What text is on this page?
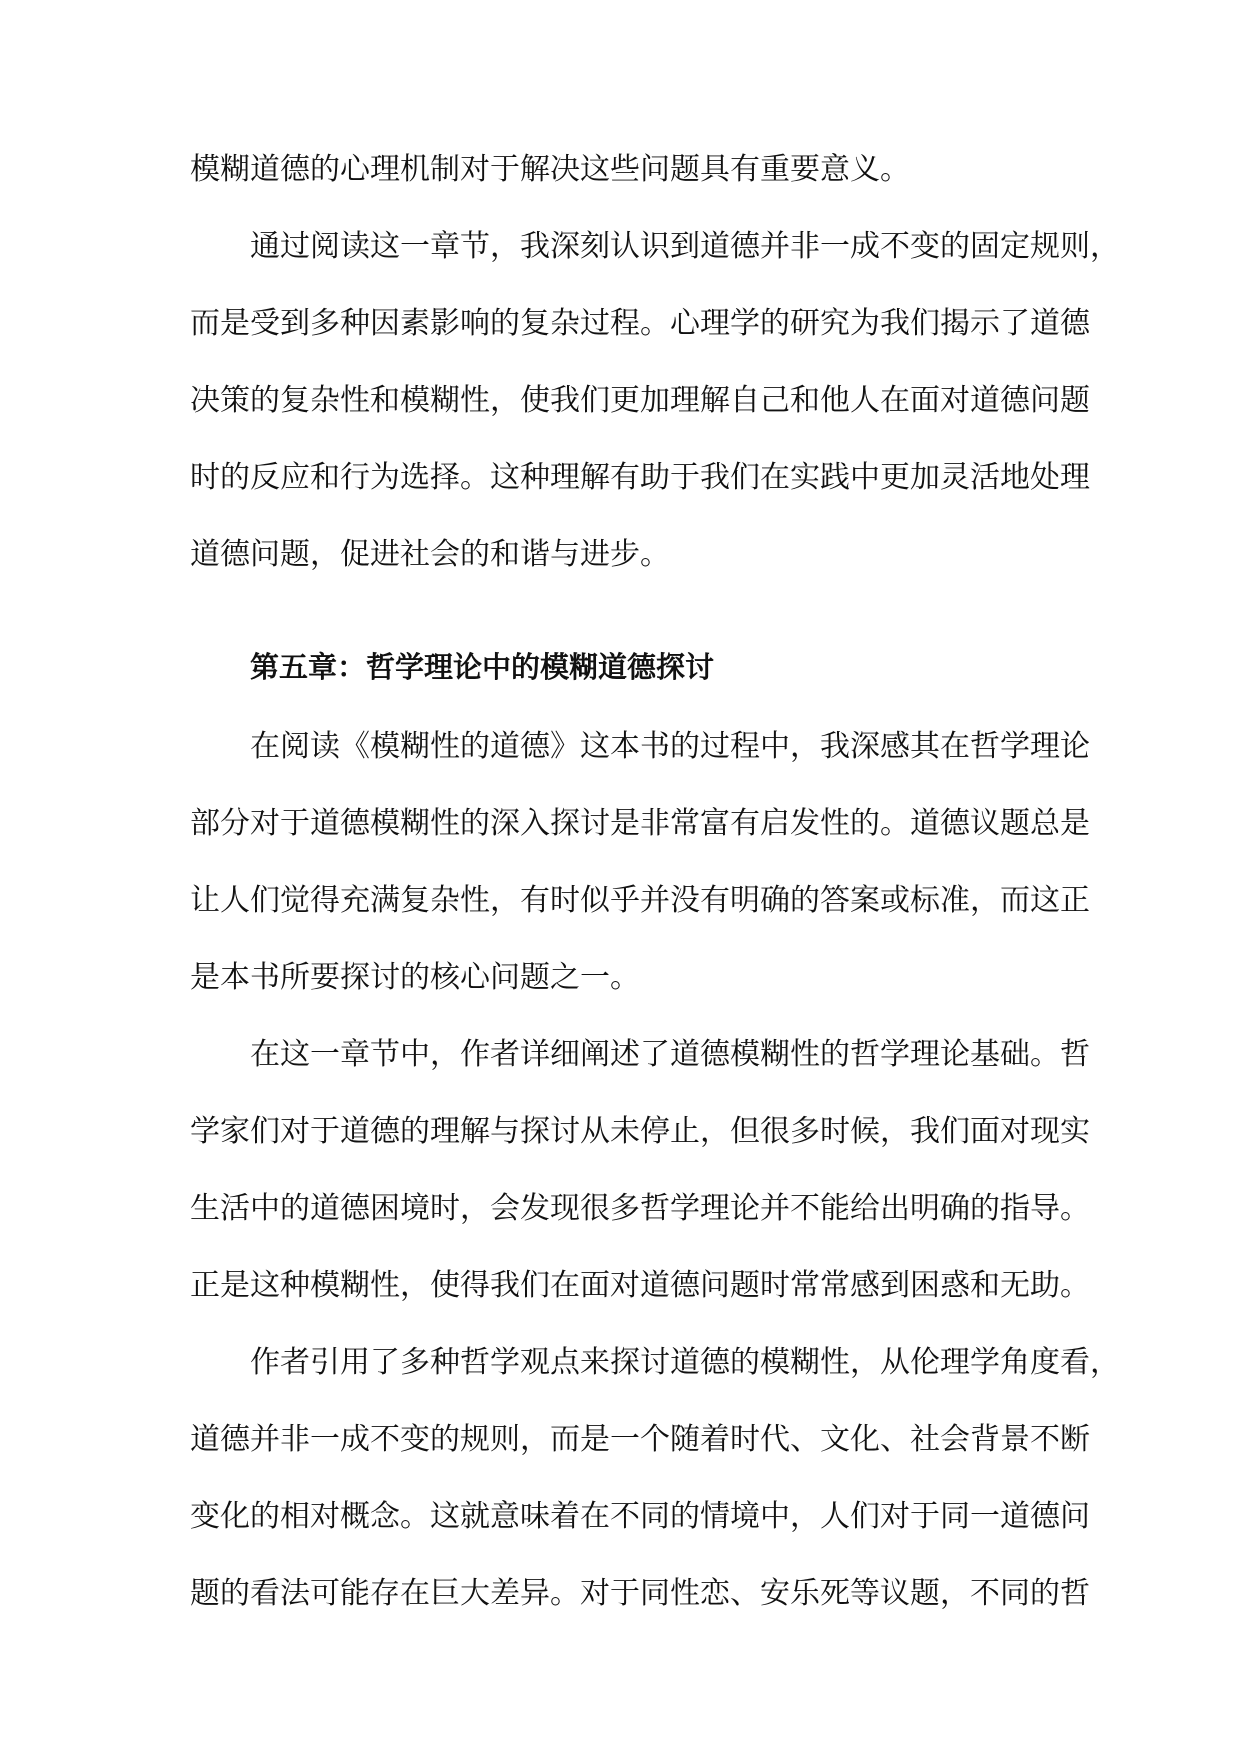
模糊道德的心理机制对于解决这些问题具有重要意义。
通过阅读这一章节，我深刻认识到道德并非一成不变的固定规则，
而是受到多种因素影响的复杂过程。心理学的研究为我们揭示了道德
决策的复杂性和模糊性，使我们更加理解自己和他人在面对道德问题
时的反应和行为选择。这种理解有助于我们在实践中更加灵活地处理
道德问题，促进社会的和谐与进步。
第五章：哲学理论中的模糊道德探讨
在阅读《模糊性的道德》这本书的过程中，我深感其在哲学理论
部分对于道德模糊性的深入探讨是非常富有启发性的。道德议题总是
让人们觉得充满复杂性，有时似乎并没有明确的答案或标准，而这正
是本书所要探讨的核心问题之一。
在这一章节中，作者详细阐述了道德模糊性的哲学理论基础。哲
学家们对于道德的理解与探讨从未停止，但很多时候，我们面对现实
生活中的道德困境时，会发现很多哲学理论并不能给出明确的指导。
正是这种模糊性，使得我们在面对道德问题时常常感到困惑和无助。
作者引用了多种哲学观点来探讨道德的模糊性，从伦理学角度看，
道德并非一成不变的规则，而是一个随着时代、文化、社会背景不断
变化的相对概念。这就意味着在不同的情境中，人们对于同一道德问
题的看法可能存在巨大差异。对于同性恋、安乐死等议题，不同的哲
